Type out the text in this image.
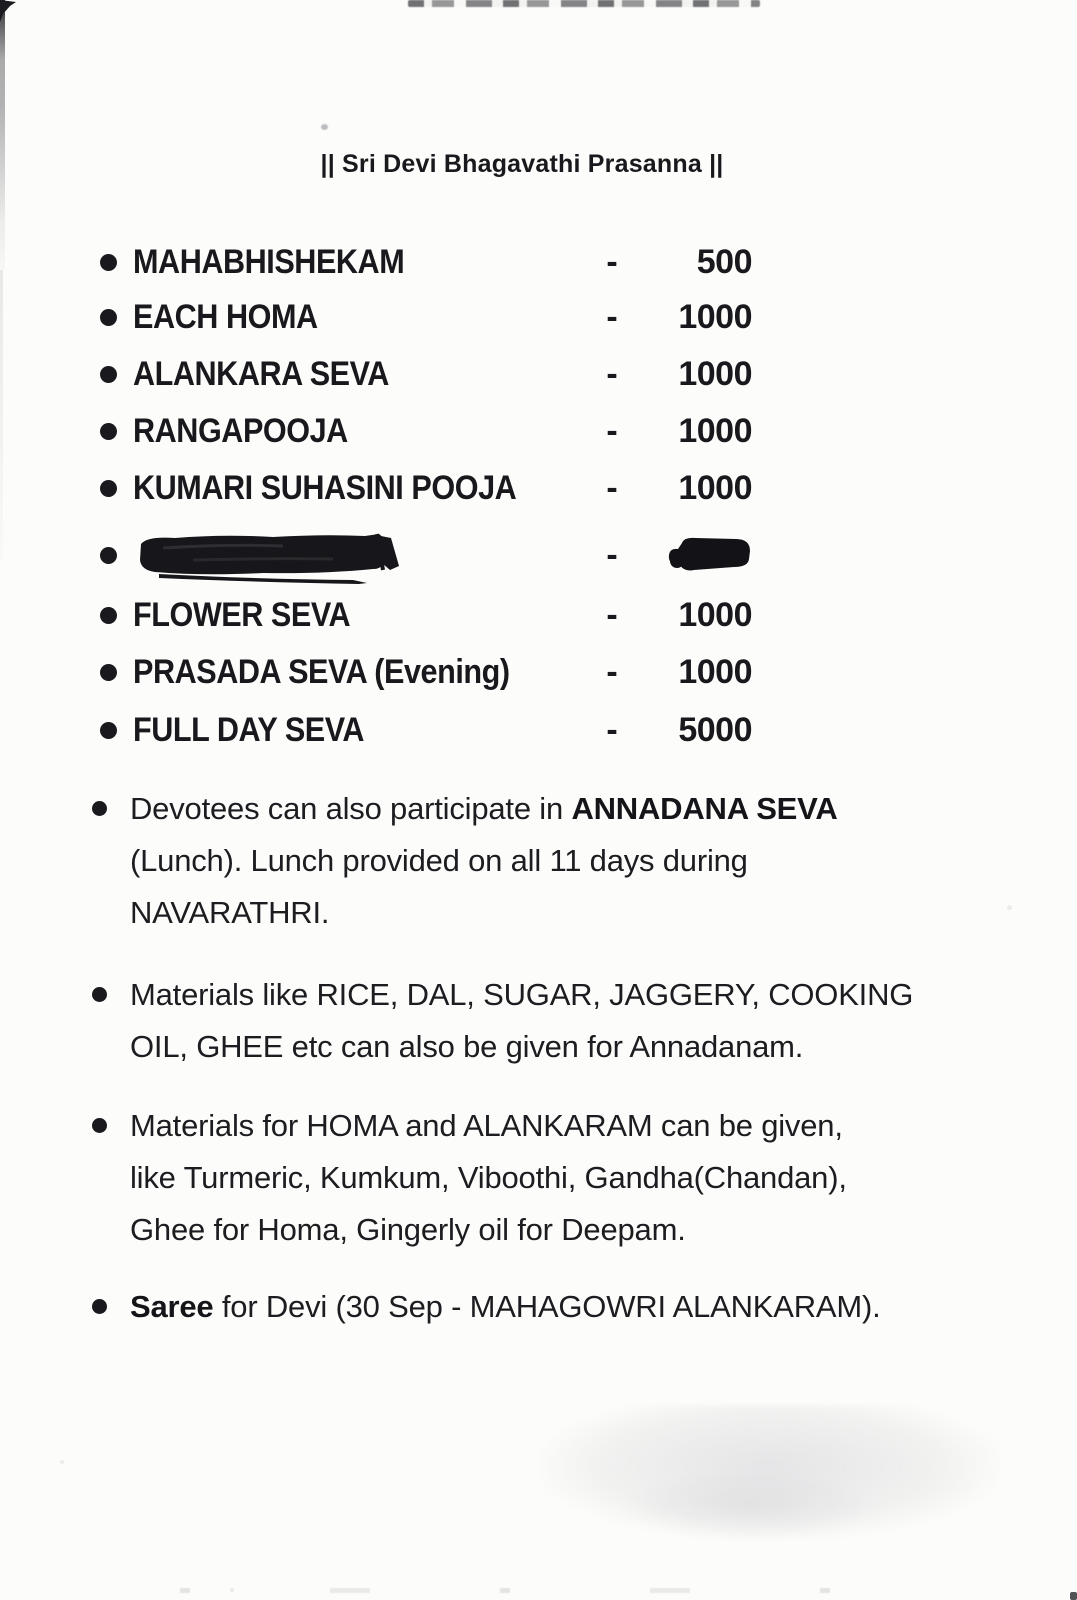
|| Sri Devi Bhagavathi Prasanna ||
MAHABHISHEKAM	-	500
EACH HOMA	-	1000
ALANKARA SEVA	-	1000
RANGAPOOJA	-	1000
KUMARI SUHASINI POOJA	-	1000
-
FLOWER SEVA	-	1000
PRASADA SEVA (Evening)	-	1000
FULL DAY SEVA	-	5000
Devotees can also participate in ANNADANA SEVA
(Lunch). Lunch provided on all 11 days during
NAVARATHRI.
Materials like RICE, DAL, SUGAR, JAGGERY, COOKING
OIL, GHEE etc can also be given for Annadanam.
Materials for HOMA and ALANKARAM can be given,
like Turmeric, Kumkum, Viboothi, Gandha(Chandan),
Ghee for Homa, Gingerly oil for Deepam.
Saree for Devi (30 Sep - MAHAGOWRI ALANKARAM).
